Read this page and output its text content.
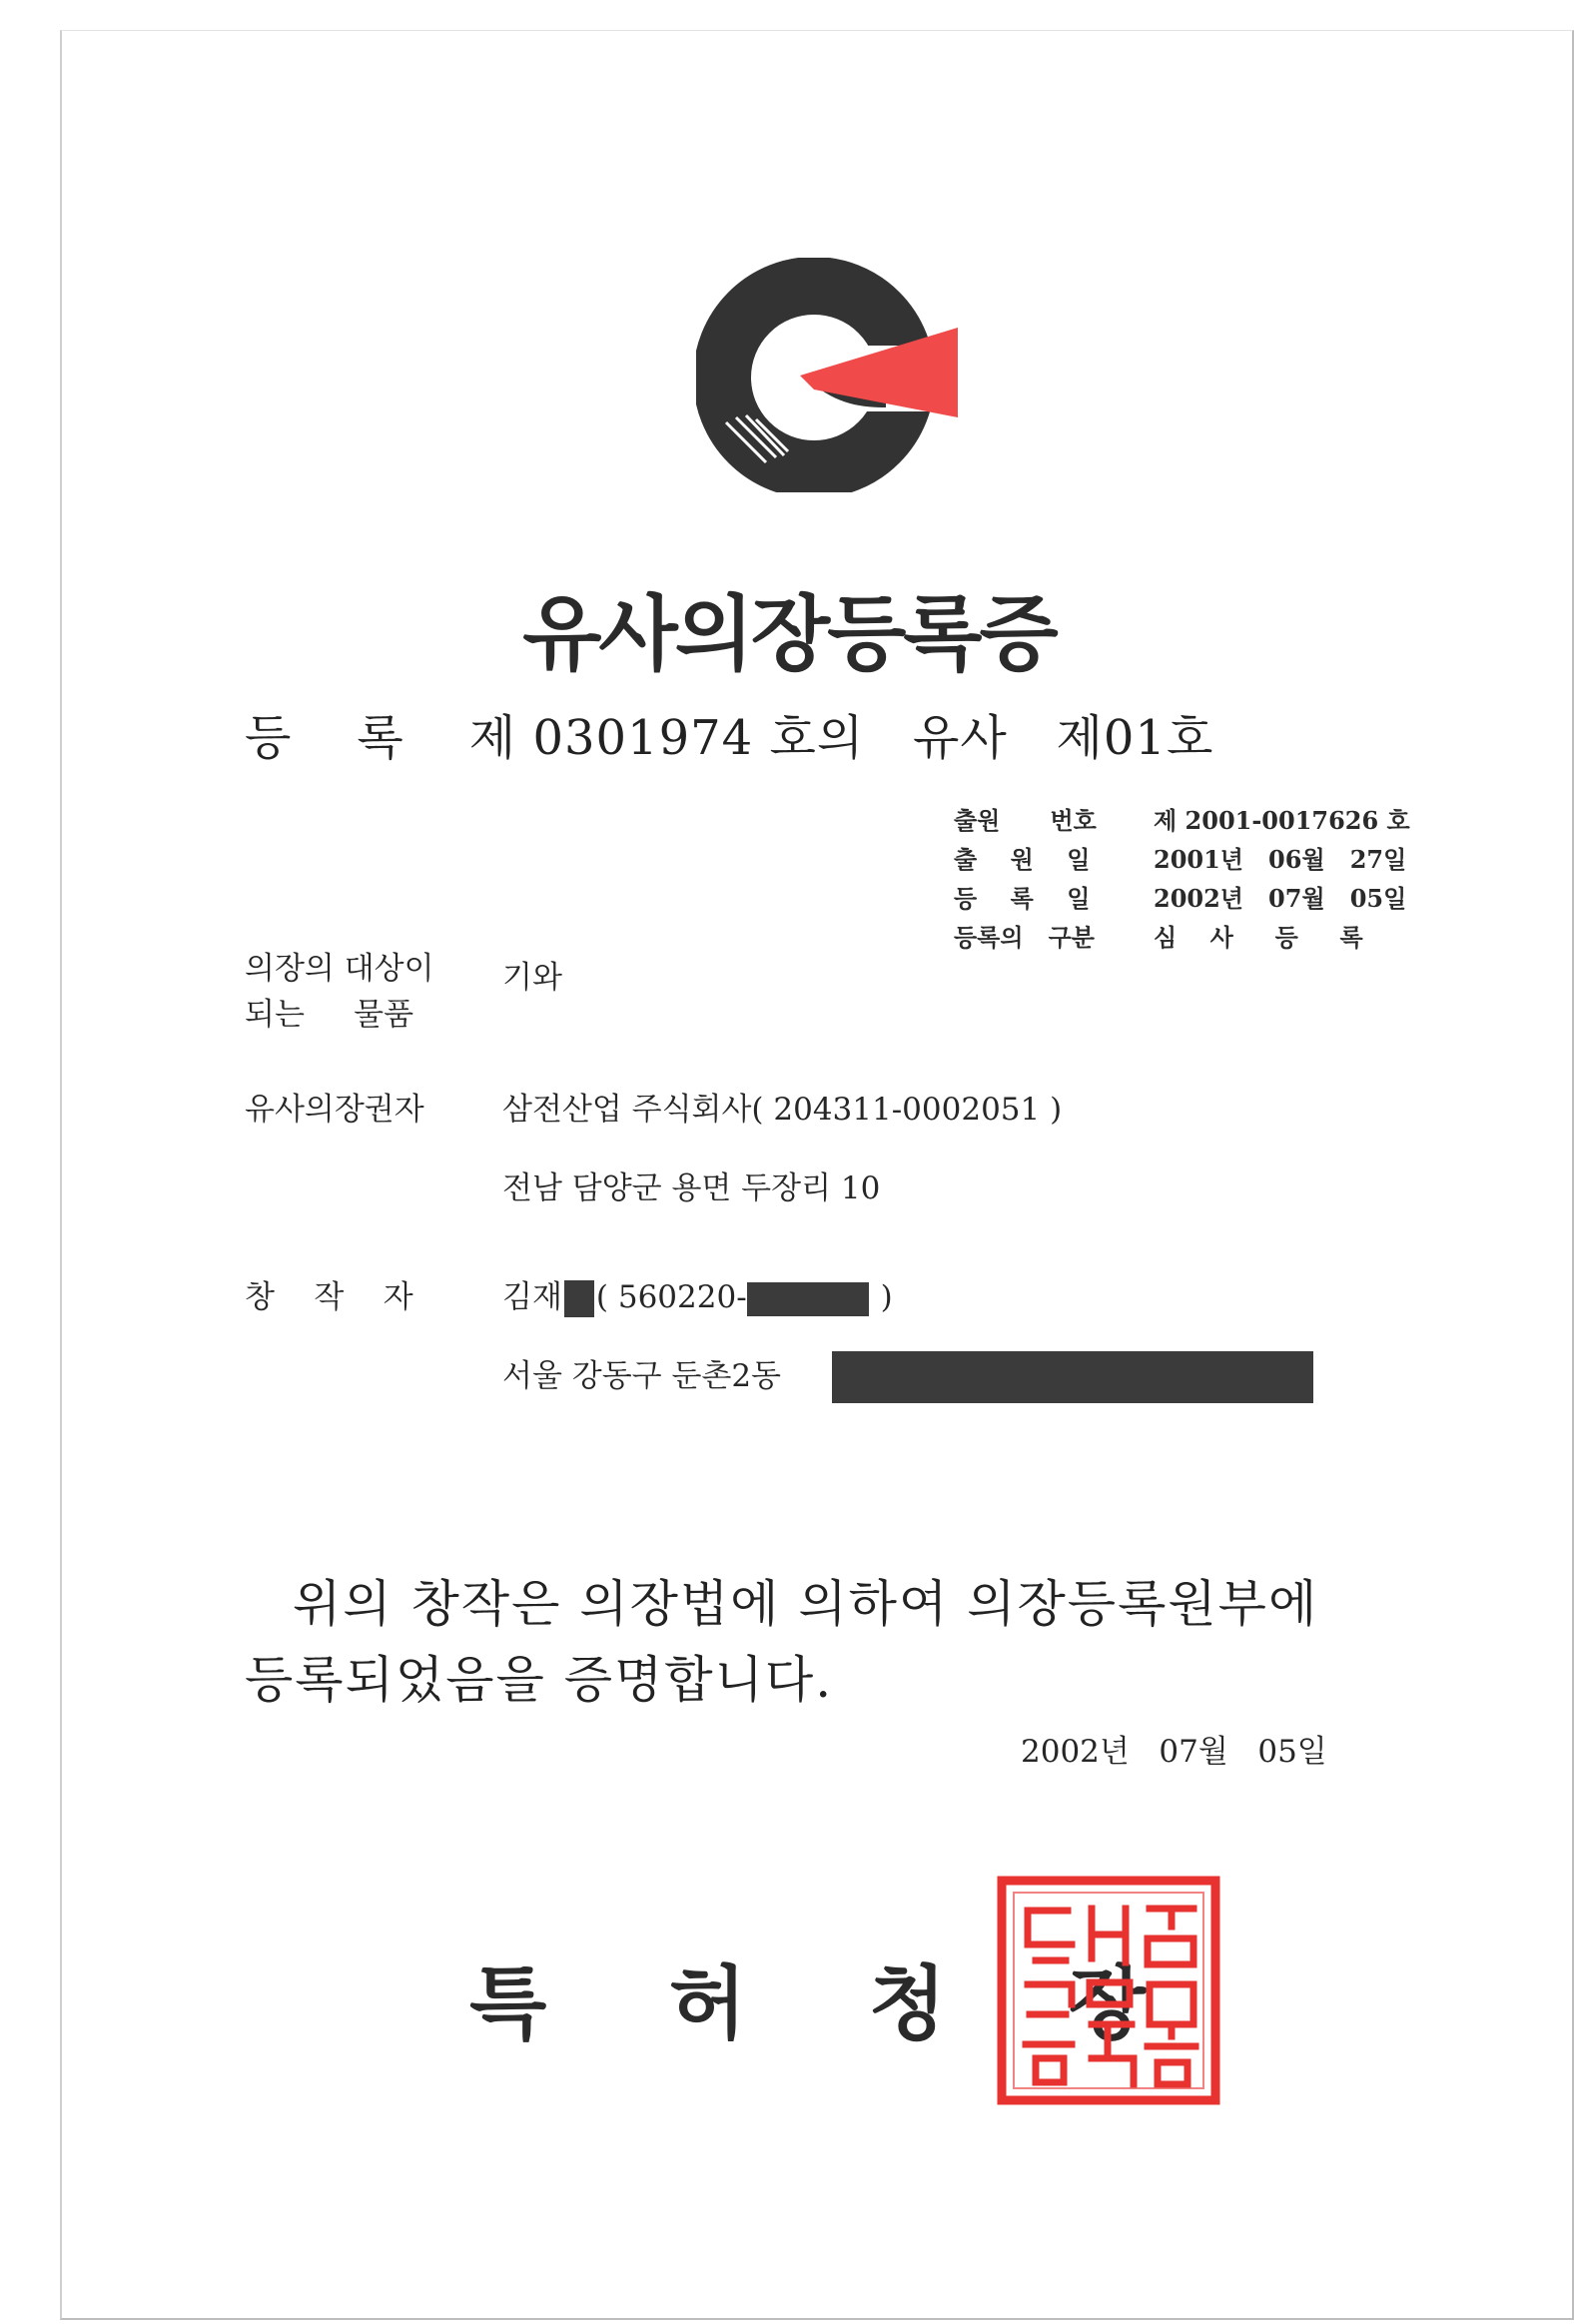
유사의장등록증
등    록    제 0301974 호의   유사   제01호
출원      번호	제 2001-0017626 호
출    원    일	2001년   06월   27일
등    록    일	2002년   07월   05일
등록의   구분	심    사     등     록
의장의 대상이
되는     물품
기와
유사의장권자	삼전산업 주식회사( 204311-0002051 )
전남 담양군 용면 두장리 10
창    작    자	김재 ( 560220-	)
서울 강동구 둔촌2동
위의 창작은 의장법에 의하여 의장등록원부에
등록되었음을 증명합니다.
2002년   07월   05일
특	허	청	장
